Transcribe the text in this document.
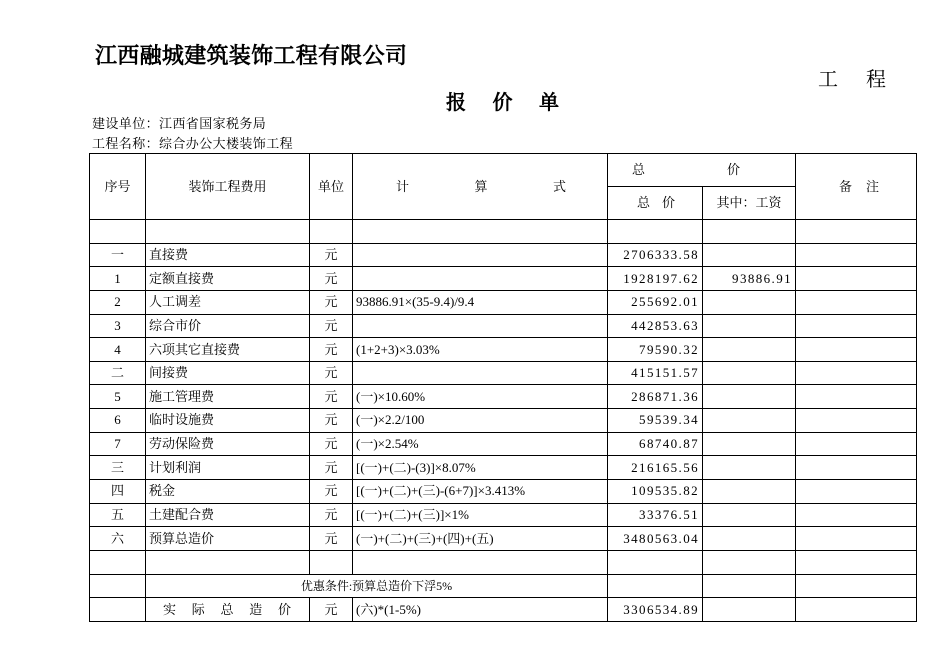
江西融城建筑装饰工程有限公司
工 程
报 价 单
建设单位：江西省国家税务局
工程名称：综合办公大楼装饰工程
序号	装饰工程费用	单位	计 算 式	总 价		备 注

				总 价	其中：工资	

一	直接费	元		2706333.58		
1	定额直接费	元		1928197.62	93886.91	
2	人工调差	元	93886.91×(35-9.4)/9.4	255692.01		
3	综合市价	元		442853.63		
4	六项其它直接费	元	(1+2+3)×3.03%	79590.32		
二	间接费	元		415151.57		
5	施工管理费	元	(一)×10.60%	286871.36		
6	临时设施费	元	(一)×2.2/100	59539.34		
7	劳动保险费	元	(一)×2.54%	68740.87		
三	计划利润	元	[(一)+(二)-(3)]×8.07%	216165.56		
四	税金	元	[(一)+(二)+(三)-(6+7)]×3.413%	109535.82		
五	土建配合费	元	[(一)+(二)+(三)]×1%	33376.51		
六	预算总造价	元	(一)+(二)+(三)+(四)+(五)	3480563.04		

	优惠条件:预算总造价下浮5%					

	实 际 总 造 价	元	(六)*(1-5%)	3306534.89		
